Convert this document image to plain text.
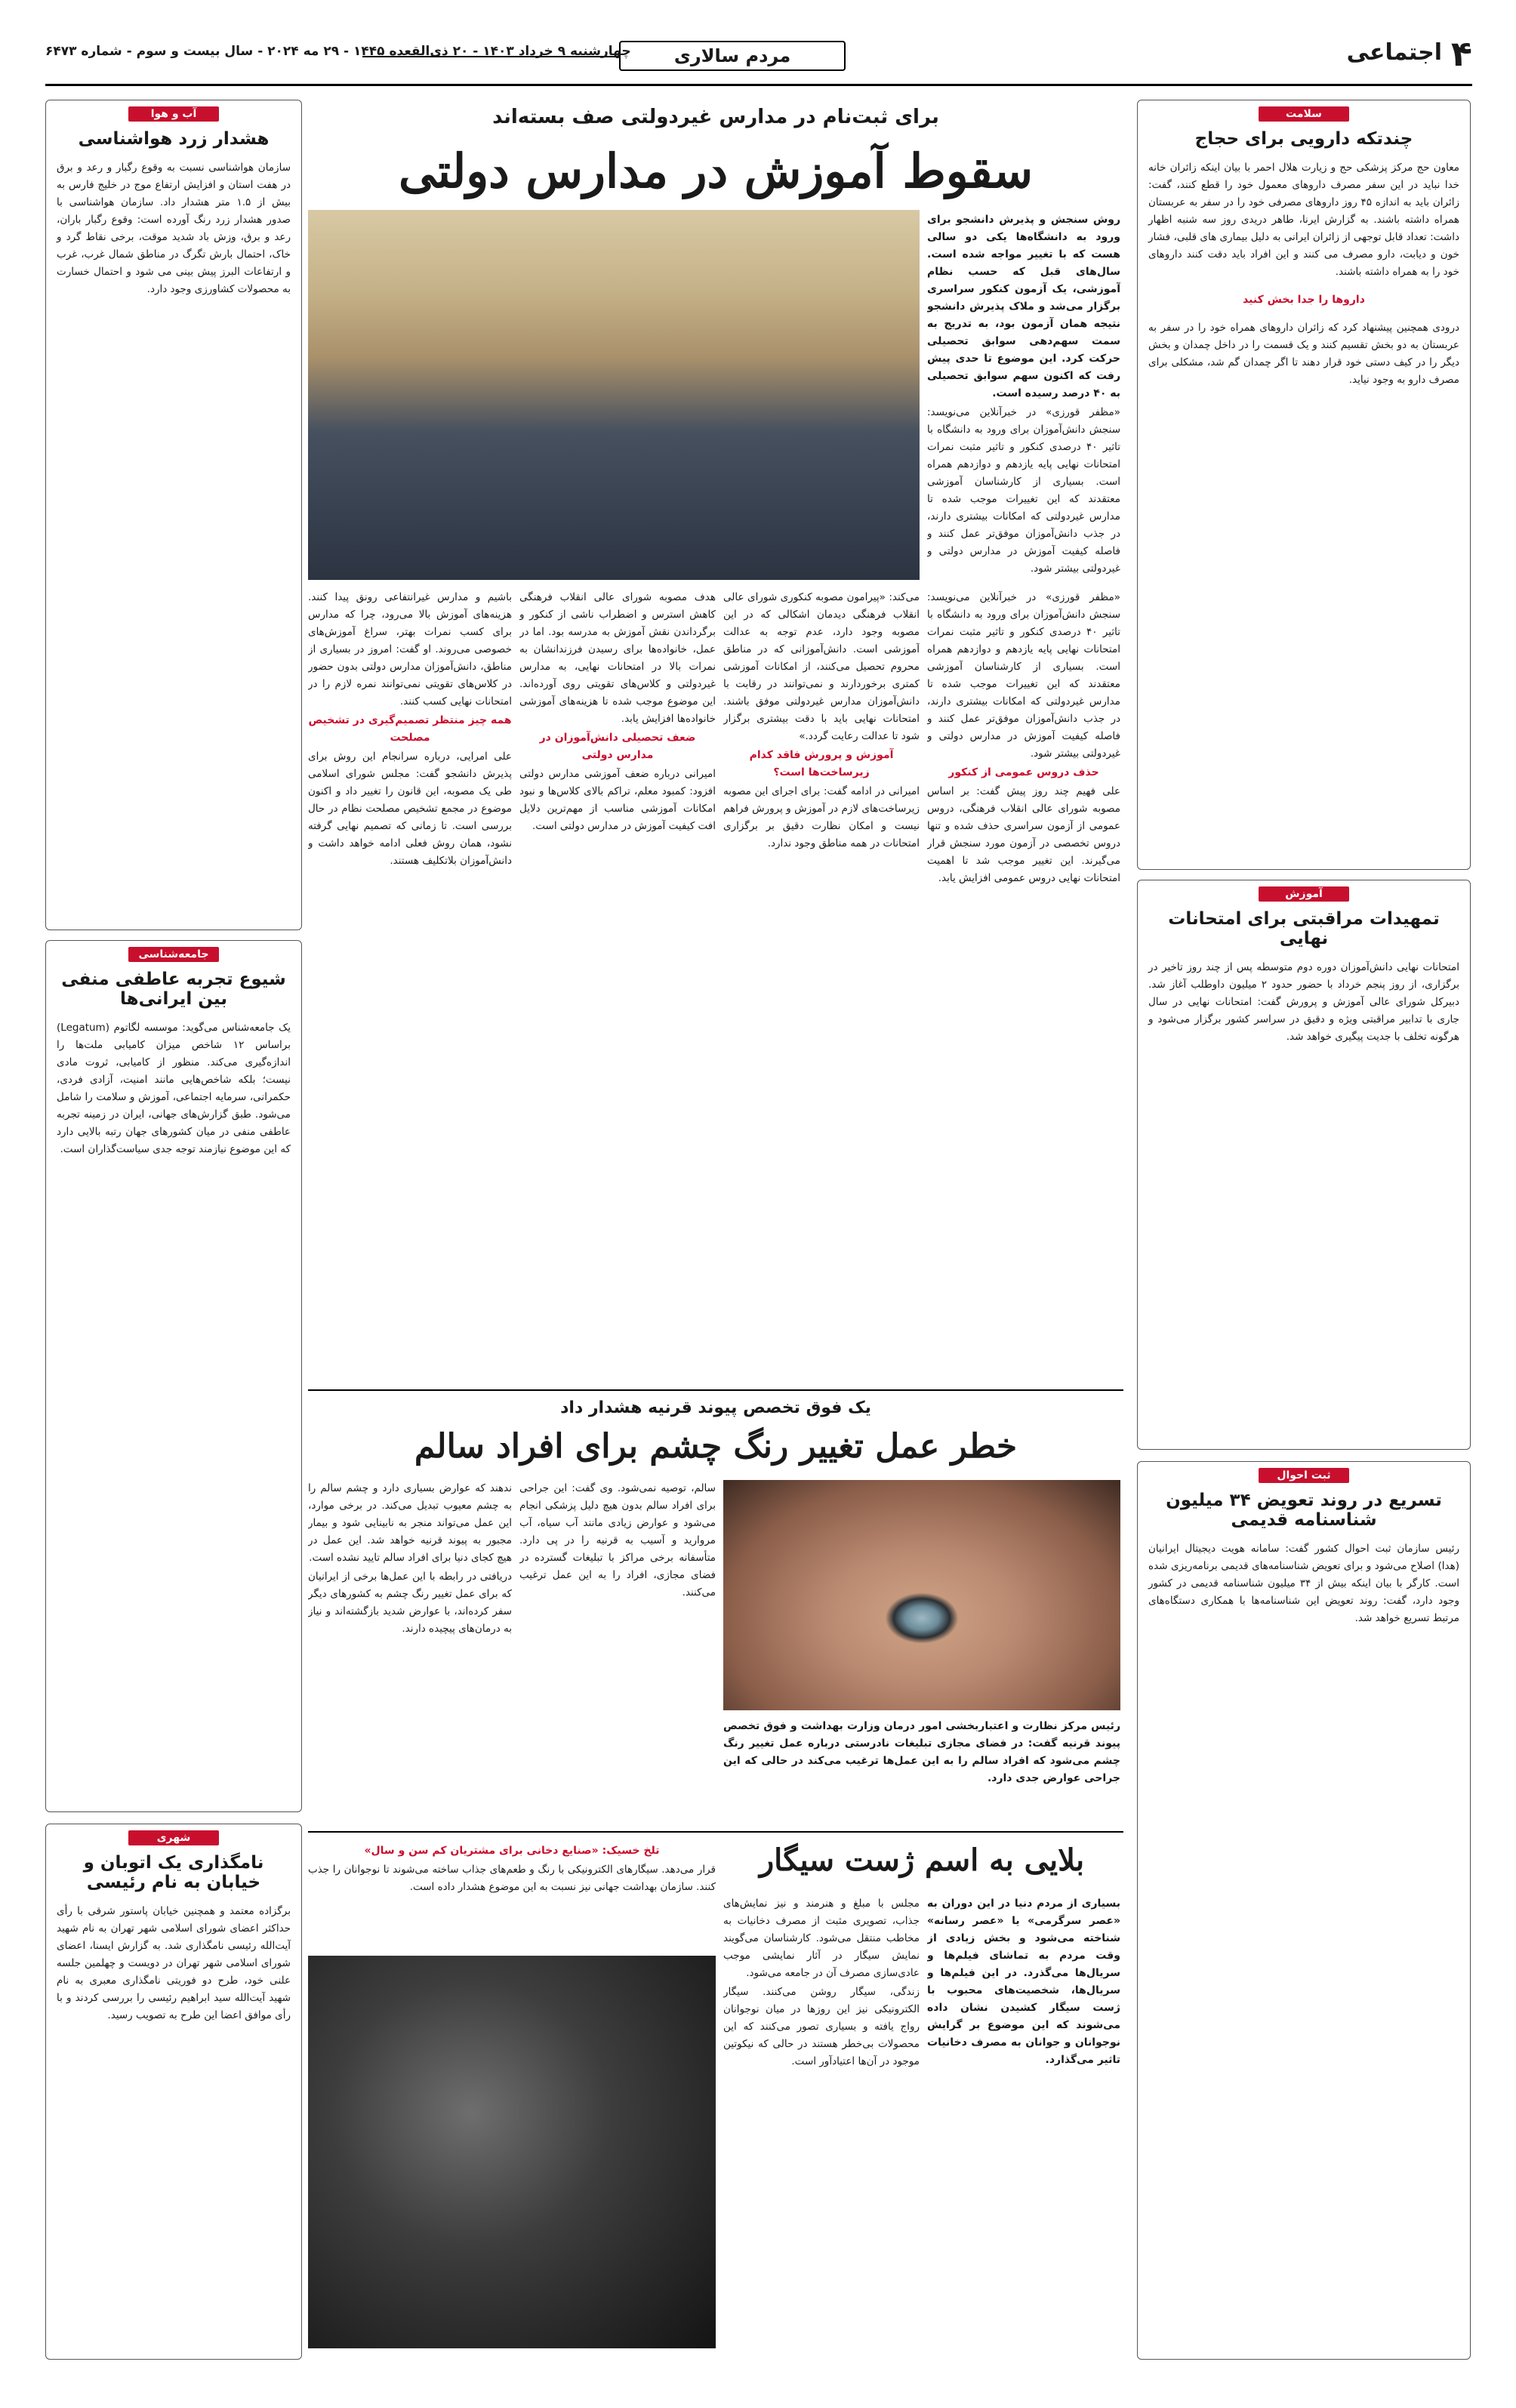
۴
اجتماعی
مردم سالاری
چهارشنبه ۹ خرداد ۱۴۰۳ - ۲۰ ذی‌القعده ۱۴۴۵ - ۲۹ مه ۲۰۲۴ - سال بیست و سوم - شماره ۶۴۷۳
سلامت
چندتکه دارویی برای حجاج

معاون حج مرکز پزشکی حج و زیارت هلال احمر با بیان اینکه زائران خانه خدا نباید در این سفر مصرف داروهای معمول خود را قطع کنند، گفت: زائران باید به اندازه ۴۵ روز داروهای مصرفی خود را در سفر به عربستان همراه داشته باشند. به گزارش ایرنا، طاهر دریدی روز سه شنبه اظهار داشت: تعداد قابل توجهی از زائران ایرانی به دلیل بیماری های قلبی، فشار خون و دیابت، دارو مصرف می کنند و این افراد باید دقت کنند داروهای خود را به همراه داشته باشند.

داروها را جدا بخش کنید

درودی همچنین پیشنهاد کرد که زائران داروهای همراه خود را در سفر به عربستان به دو بخش تقسیم کنند و یک قسمت را در داخل چمدان و بخش دیگر را در کیف دستی خود قرار دهند تا اگر چمدان گم شد، مشکلی برای مصرف دارو به وجود نیاید.

آموزش
تمهیدات مراقبتی برای امتحانات نهایی

امتحانات نهایی دانش‌آموزان دوره دوم متوسطه پس از چند روز تاخیر در برگزاری، از روز پنجم خرداد با حضور حدود ۲ میلیون داوطلب آغاز شد. دبیرکل شورای عالی آموزش و پرورش گفت: امتحانات نهایی در سال جاری با تدابیر مراقبتی ویژه و دقیق در سراسر کشور برگزار می‌شود و هرگونه تخلف با جدیت پیگیری خواهد شد.

ثبت احوال
تسریع در روند تعویض ۳۴ میلیون شناسنامه قدیمی

رئیس سازمان ثبت احوال کشور گفت: سامانه هویت دیجیتال ایرانیان (هدا) اصلاح می‌شود و برای تعویض شناسنامه‌های قدیمی برنامه‌ریزی شده است. کارگر با بیان اینکه بیش از ۳۴ میلیون شناسنامه قدیمی در کشور وجود دارد، گفت: روند تعویض این شناسنامه‌ها با همکاری دستگاه‌های مرتبط تسریع خواهد شد.

آب و هوا
هشدار زرد هواشناسی

سازمان هواشناسی نسبت به وقوع رگبار و رعد و برق در هفت استان و افزایش ارتفاع موج در خلیج فارس به بیش از ۱.۵ متر هشدار داد. سازمان هواشناسی با صدور هشدار زرد رنگ آورده است: وقوع رگبار باران، رعد و برق، وزش باد شدید موقت، برخی نقاط گرد و خاک، احتمال بارش تگرگ در مناطق شمال غرب، غرب و ارتفاعات البرز پیش بینی می شود و احتمال خسارت به محصولات کشاورزی وجود دارد.

جامعه‌شناسی
شیوع تجربه عاطفی منفی بین ایرانی‌ها

یک جامعه‌شناس می‌گوید: موسسه لگاتوم (Legatum) براساس ۱۲ شاخص میزان کامیابی ملت‌ها را اندازه‌گیری می‌کند. منظور از کامیابی، ثروت مادی نیست؛ بلکه شاخص‌هایی مانند امنیت، آزادی فردی، حکمرانی، سرمایه اجتماعی، آموزش و سلامت را شامل می‌شود. طبق گزارش‌های جهانی، ایران در زمینه تجربه عاطفی منفی در میان کشورهای جهان رتبه بالایی دارد که این موضوع نیازمند توجه جدی سیاست‌گذاران است.

شهری
نامگذاری یک اتوبان و خیابان به نام رئیسی

برگزاده معتمد و همچنین خیابان پاستور شرقی با رأی حداکثر اعضای شورای اسلامی شهر تهران به نام شهید آیت‌الله رئیسی نامگذاری شد. به گزارش ایسنا، اعضای شورای اسلامی شهر تهران در دویست و چهلمین جلسه علنی خود، طرح دو فوریتی نامگذاری معبری به نام شهید آیت‌الله سید ابراهیم رئیسی را بررسی کردند و با رأی موافق اعضا این طرح به تصویب رسید.

برای ثبت‌نام در مدارس غیردولتی صف بسته‌اند
سقوط آموزش در مدارس دولتی

روش سنجش و پذیرش دانشجو برای ورود به دانشگاه‌ها یکی دو سالی هست که با تغییر مواجه شده است. سال‌های قبل که حسب نظام آموزشی، یک آزمون کنکور سراسری برگزار می‌شد و ملاک پذیرش دانشجو نتیجه همان آزمون بود، به تدریج به سمت سهم‌دهی سوابق تحصیلی حرکت کرد. این موضوع تا حدی پیش رفت که اکنون سهم سوابق تحصیلی به ۴۰ درصد رسیده است.

«مظفر قورزی» در خبرآنلاین می‌نویسد: سنجش دانش‌آموزان برای ورود به دانشگاه با تاثیر ۴۰ درصدی کنکور و تاثیر مثبت نمرات امتحانات نهایی پایه یازدهم و دوازدهم همراه است. بسیاری از کارشناسان آموزشی معتقدند که این تغییرات موجب شده تا مدارس غیردولتی که امکانات بیشتری دارند، در جذب دانش‌آموزان موفق‌تر عمل کنند و فاصله کیفیت آموزش در مدارس دولتی و غیردولتی بیشتر شود.

«مظفر قورزی» در خبرآنلاین می‌نویسد: سنجش دانش‌آموزان برای ورود به دانشگاه با تاثیر ۴۰ درصدی کنکور و تاثیر مثبت نمرات امتحانات نهایی پایه یازدهم و دوازدهم همراه است. بسیاری از کارشناسان آموزشی معتقدند که این تغییرات موجب شده تا مدارس غیردولتی که امکانات بیشتری دارند، در جذب دانش‌آموزان موفق‌تر عمل کنند و فاصله کیفیت آموزش در مدارس دولتی و غیردولتی بیشتر شود.

حذف دروس عمومی از کنکور

علی فهیم چند روز پیش گفت: بر اساس مصوبه شورای عالی انقلاب فرهنگی، دروس عمومی از آزمون سراسری حذف شده و تنها دروس تخصصی در آزمون مورد سنجش قرار می‌گیرند. این تغییر موجب شد تا اهمیت امتحانات نهایی دروس عمومی افزایش یابد.

می‌کند: «پیرامون مصوبه کنکوری شورای عالی انقلاب فرهنگی دیدمان اشکالی که در این مصوبه وجود دارد، عدم توجه به عدالت آموزشی است. دانش‌آموزانی که در مناطق محروم تحصیل می‌کنند، از امکانات آموزشی کمتری برخوردارند و نمی‌توانند در رقابت با دانش‌آموزان مدارس غیردولتی موفق باشند. امتحانات نهایی باید با دقت بیشتری برگزار شود تا عدالت رعایت گردد.»

آموزش و پرورش فاقد کدام زیرساخت‌ها است؟

امیرانی در ادامه گفت: برای اجرای این مصوبه زیرساخت‌های لازم در آموزش و پرورش فراهم نیست و امکان نظارت دقیق بر برگزاری امتحانات در همه مناطق وجود ندارد.

هدف مصوبه شورای عالی انقلاب فرهنگی کاهش استرس و اضطراب ناشی از کنکور و برگرداندن نقش آموزش به مدرسه بود. اما در عمل، خانواده‌ها برای رسیدن فرزندانشان به نمرات بالا در امتحانات نهایی، به مدارس غیردولتی و کلاس‌های تقویتی روی آورده‌اند. این موضوع موجب شده تا هزینه‌های آموزشی خانواده‌ها افزایش یابد.

ضعف تحصیلی دانش‌آموزان در مدارس دولتی

امیرانی درباره ضعف آموزشی مدارس دولتی افزود: کمبود معلم، تراکم بالای کلاس‌ها و نبود امکانات آموزشی مناسب از مهم‌ترین دلایل افت کیفیت آموزش در مدارس دولتی است.

باشیم و مدارس غیرانتفاعی رونق پیدا کنند. هزینه‌های آموزش بالا می‌رود، چرا که مدارس برای کسب نمرات بهتر، سراغ آموزش‌های خصوصی می‌روند. او گفت: امروز در بسیاری از مناطق، دانش‌آموزان مدارس دولتی بدون حضور در کلاس‌های تقویتی نمی‌توانند نمره لازم را در امتحانات نهایی کسب کنند.

همه چیز منتظر تصمیم‌گیری در تشخیص مصلحت

علی امرایی، درباره سرانجام این روش برای پذیرش دانشجو گفت: مجلس شورای اسلامی طی یک مصوبه، این قانون را تغییر داد و اکنون موضوع در مجمع تشخیص مصلحت نظام در حال بررسی است. تا زمانی که تصمیم نهایی گرفته نشود، همان روش فعلی ادامه خواهد داشت و دانش‌آموزان بلاتکلیف هستند.

یک فوق تخصص پیوند قرنیه هشدار داد
خطر عمل تغییر رنگ چشم برای افراد سالم

رئیس مرکز نظارت و اعتباربخشی امور درمان وزارت بهداشت و فوق تخصص پیوند قرنیه گفت: در فضای مجازی تبلیغات نادرستی درباره عمل تغییر رنگ چشم می‌شود که افراد سالم را به این عمل‌ها ترغیب می‌کند در حالی که این جراحی عوارض جدی دارد.

سالم، توصیه نمی‌شود. وی گفت: این جراحی برای افراد سالم بدون هیچ دلیل پزشکی انجام می‌شود و عوارض زیادی مانند آب سیاه، آب مروارید و آسیب به قرنیه را در پی دارد. متأسفانه برخی مراکز با تبلیغات گسترده در فضای مجازی، افراد را به این عمل ترغیب می‌کنند.

ندهند که عوارض بسیاری دارد و چشم سالم را به چشم معیوب تبدیل می‌کند. در برخی موارد، این عمل می‌تواند منجر به نابینایی شود و بیمار مجبور به پیوند قرنیه خواهد شد. این عمل در هیچ کجای دنیا برای افراد سالم تایید نشده است.

دریافتی در رابطه با این عمل‌ها برخی از ایرانیان که برای عمل تغییر رنگ چشم به کشورهای دیگر سفر کرده‌اند، با عوارض شدید بازگشته‌اند و نیاز به درمان‌های پیچیده دارند.

بلایی به اسم ژست سیگار

بسیاری از مردم دنیا در این دوران به «عصر سرگرمی» یا «عصر رسانه» شناخته می‌شود و بخش زیادی از وقت مردم به تماشای فیلم‌ها و سریال‌ها می‌گذرد. در این فیلم‌ها و سریال‌ها، شخصیت‌های محبوب با ژست سیگار کشیدن نشان داده می‌شوند که این موضوع بر گرایش نوجوانان و جوانان به مصرف دخانیات تاثیر می‌گذارد.

مجلس با مبلغ و هنرمند و نیز نمایش‌های جذاب، تصویری مثبت از مصرف دخانیات به مخاطب منتقل می‌شود. کارشناسان می‌گویند نمایش سیگار در آثار نمایشی موجب عادی‌سازی مصرف آن در جامعه می‌شود.

زندگی، سیگار روشن می‌کنند. سیگار الکترونیکی نیز این روزها در میان نوجوانان رواج یافته و بسیاری تصور می‌کنند که این محصولات بی‌خطر هستند در حالی که نیکوتین موجود در آن‌ها اعتیادآور است.

تلخ خسیک: «صنایع دخانی برای مشتریان کم سن و سال»

قرار می‌دهد. سیگارهای الکترونیکی با رنگ و طعم‌های جذاب ساخته می‌شوند تا نوجوانان را جذب کنند. سازمان بهداشت جهانی نیز نسبت به این موضوع هشدار داده است.
